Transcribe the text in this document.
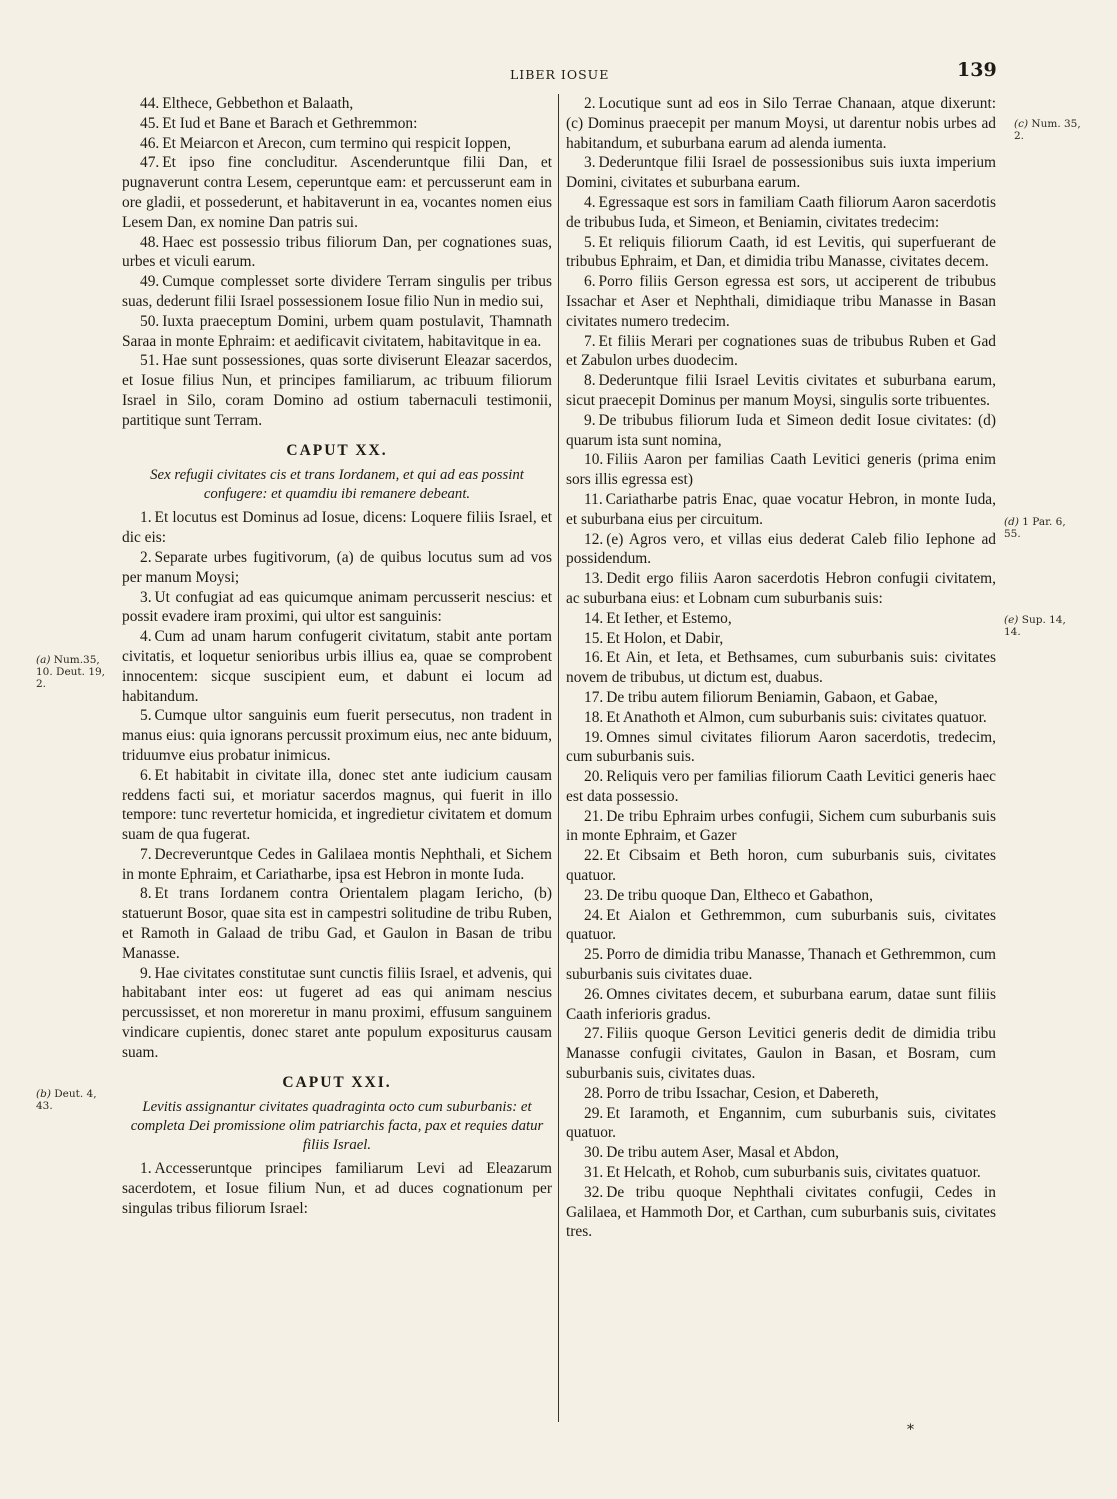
LIBER IOSUE	139

44. Elthece, Gebbethon et Balaath,

45. Et Iud et Bane et Barach et Gethremmon:

46. Et Meiarcon et Arecon, cum termino qui respicit Ioppen,

47. Et ipso fine concluditur. Ascenderuntque filii Dan, et pugnaverunt contra Lesem, ceperuntque eam: et percusserunt eam in ore gladii, et possederunt, et habitaverunt in ea, vocantes nomen eius Lesem Dan, ex nomine Dan patris sui.

48. Haec est possessio tribus filiorum Dan, per cognationes suas, urbes et viculi earum.

49. Cumque complesset sorte dividere Terram singulis per tribus suas, dederunt filii Israel possessionem Iosue filio Nun in medio sui,

50. Iuxta praeceptum Domini, urbem quam postulavit, Thamnath Saraa in monte Ephraim: et aedificavit civitatem, habitavitque in ea.

51. Hae sunt possessiones, quas sorte diviserunt Eleazar sacerdos, et Iosue filius Nun, et principes familiarum, ac tribuum filiorum Israel in Silo, coram Domino ad ostium tabernaculi testimonii, partitique sunt Terram.

CAPUT XX.

Sex refugii civitates cis et trans Iordanem, et qui ad eas possint confugere: et quamdiu ibi remanere debeant.

1. Et locutus est Dominus ad Iosue, dicens: Loquere filiis Israel, et dic eis:

2. Separate urbes fugitivorum, (a) de quibus locutus sum ad vos per manum Moysi;

3. Ut confugiat ad eas quicumque animam percusserit nescius: et possit evadere iram proximi, qui ultor est sanguinis:

4. Cum ad unam harum confugerit civitatum, stabit ante portam civitatis, et loquetur senioribus urbis illius ea, quae se comprobent innocentem: sicque suscipient eum, et dabunt ei locum ad habitandum.

5. Cumque ultor sanguinis eum fuerit persecutus, non tradent in manus eius: quia ignorans percussit proximum eius, nec ante biduum, triduumve eius probatur inimicus.

6. Et habitabit in civitate illa, donec stet ante iudicium causam reddens facti sui, et moriatur sacerdos magnus, qui fuerit in illo tempore: tunc revertetur homicida, et ingredietur civitatem et domum suam de qua fugerat.

7. Decreveruntque Cedes in Galilaea montis Nephthali, et Sichem in monte Ephraim, et Cariatharbe, ipsa est Hebron in monte Iuda.

8. Et trans Iordanem contra Orientalem plagam Iericho, (b) statuerunt Bosor, quae sita est in campestri solitudine de tribu Ruben, et Ramoth in Galaad de tribu Gad, et Gaulon in Basan de tribu Manasse.

9. Hae civitates constitutae sunt cunctis filiis Israel, et advenis, qui habitabant inter eos: ut fugeret ad eas qui animam nescius percussisset, et non moreretur in manu proximi, effusum sanguinem vindicare cupientis, donec staret ante populum expositurus causam suam.

CAPUT XXI.

Levitis assignantur civitates quadraginta octo cum suburbanis: et completa Dei promissione olim patriarchis facta, pax et requies datur filiis Israel.

1. Accesseruntque principes familiarum Levi ad Eleazarum sacerdotem, et Iosue filium Nun, et ad duces cognationum per singulas tribus filiorum Israel:

2. Locutique sunt ad eos in Silo Terrae Chanaan, atque dixerunt: (c) Dominus praecepit per manum Moysi, ut darentur nobis urbes ad habitandum, et suburbana earum ad alenda iumenta.

3. Dederuntque filii Israel de possessionibus suis iuxta imperium Domini, civitates et suburbana earum.

4. Egressaque est sors in familiam Caath filiorum Aaron sacerdotis de tribubus Iuda, et Simeon, et Beniamin, civitates tredecim:

5. Et reliquis filiorum Caath, id est Levitis, qui superfuerant de tribubus Ephraim, et Dan, et dimidia tribu Manasse, civitates decem.

6. Porro filiis Gerson egressa est sors, ut acciperent de tribubus Issachar et Aser et Nephthali, dimidiaque tribu Manasse in Basan civitates numero tredecim.

7. Et filiis Merari per cognationes suas de tribubus Ruben et Gad et Zabulon urbes duodecim.

8. Dederuntque filii Israel Levitis civitates et suburbana earum, sicut praecepit Dominus per manum Moysi, singulis sorte tribuentes.

9. De tribubus filiorum Iuda et Simeon dedit Iosue civitates: (d) quarum ista sunt nomina,

10. Filiis Aaron per familias Caath Levitici generis (prima enim sors illis egressa est)

11. Cariatharbe patris Enac, quae vocatur Hebron, in monte Iuda, et suburbana eius per circuitum.

12. (e) Agros vero, et villas eius dederat Caleb filio Iephone ad possidendum.

13. Dedit ergo filiis Aaron sacerdotis Hebron confugii civitatem, ac suburbana eius: et Lobnam cum suburbanis suis:

14. Et Iether, et Estemo,

15. Et Holon, et Dabir,

16. Et Ain, et Ieta, et Bethsames, cum suburbanis suis: civitates novem de tribubus, ut dictum est, duabus.

17. De tribu autem filiorum Beniamin, Gabaon, et Gabae,

18. Et Anathoth et Almon, cum suburbanis suis: civitates quatuor.

19. Omnes simul civitates filiorum Aaron sacerdotis, tredecim, cum suburbanis suis.

20. Reliquis vero per familias filiorum Caath Levitici generis haec est data possessio.

21. De tribu Ephraim urbes confugii, Sichem cum suburbanis suis in monte Ephraim, et Gazer

22. Et Cibsaim et Beth horon, cum suburbanis suis, civitates quatuor.

23. De tribu quoque Dan, Eltheco et Gabathon,

24. Et Aialon et Gethremmon, cum suburbanis suis, civitates quatuor.

25. Porro de dimidia tribu Manasse, Thanach et Gethremmon, cum suburbanis suis civitates duae.

26. Omnes civitates decem, et suburbana earum, datae sunt filiis Caath inferioris gradus.

27. Filiis quoque Gerson Levitici generis dedit de dimidia tribu Manasse confugii civitates, Gaulon in Basan, et Bosram, cum suburbanis suis, civitates duas.

28. Porro de tribu Issachar, Cesion, et Dabereth,

29. Et Iaramoth, et Engannim, cum suburbanis suis, civitates quatuor.

30. De tribu autem Aser, Masal et Abdon,

31. Et Helcath, et Rohob, cum suburbanis suis, civitates quatuor.

32. De tribu quoque Nephthali civitates confugii, Cedes in Galilaea, et Hammoth Dor, et Carthan, cum suburbanis suis, civitates tres.

(a) Num.35, 10. Deut. 19, 2.
(b) Deut. 4, 43.
(c) Num. 35, 2.
(d) 1 Par. 6, 55.
(e) Sup. 14, 14.
*
